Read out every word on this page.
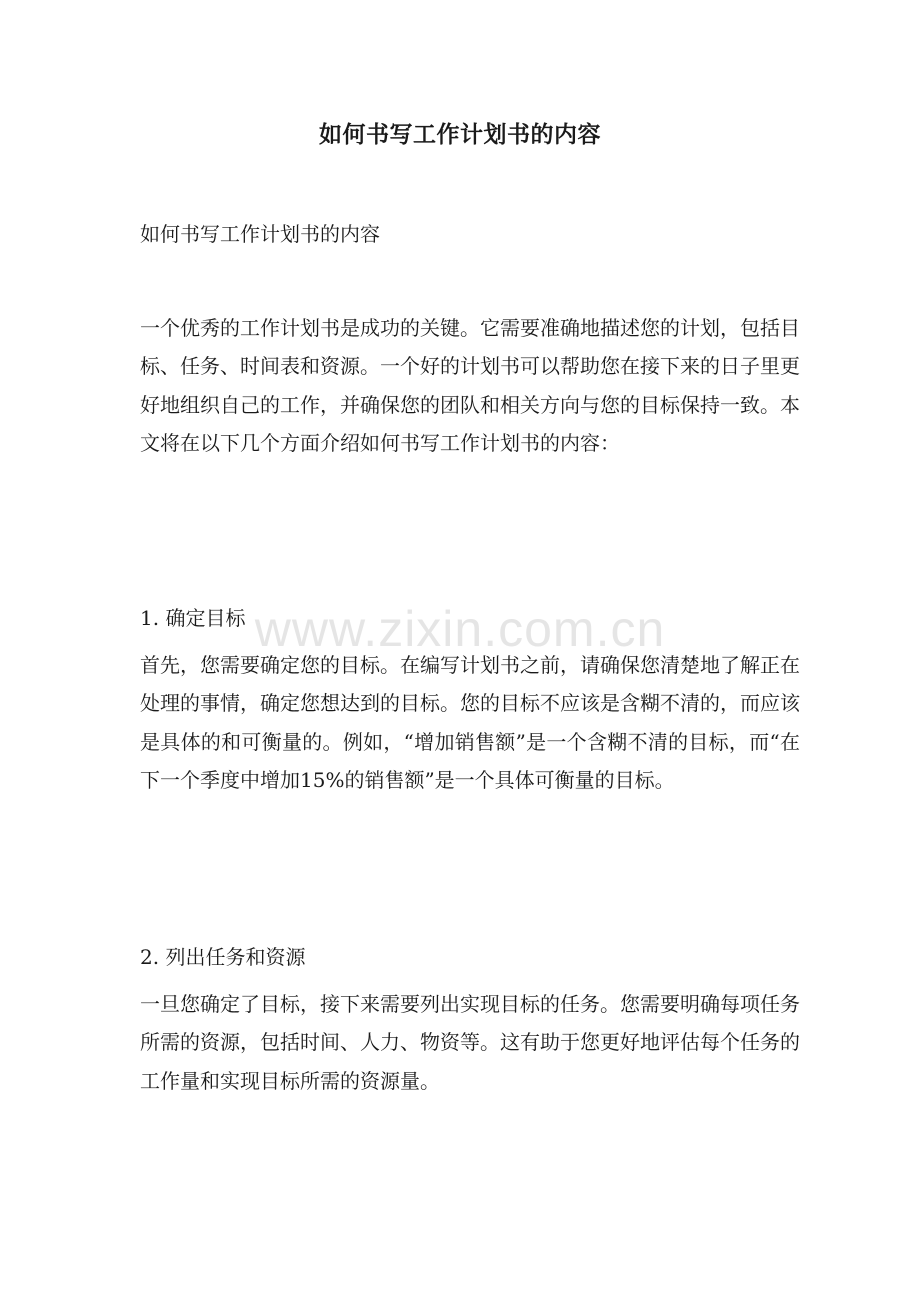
如何书写工作计划书的内容
如何书写工作计划书的内容
一个优秀的工作计划书是成功的关键。它需要准确地描述您的计划，包括目标、任务、时间表和资源。一个好的计划书可以帮助您在接下来的日子里更好地组织自己的工作，并确保您的团队和相关方向与您的目标保持一致。本文将在以下几个方面介绍如何书写工作计划书的内容：
1. 确定目标
首先，您需要确定您的目标。在编写计划书之前，请确保您清楚地了解正在处理的事情，确定您想达到的目标。您的目标不应该是含糊不清的，而应该是具体的和可衡量的。例如，“增加销售额”是一个含糊不清的目标，而“在下一个季度中增加15%的销售额”是一个具体可衡量的目标。
2. 列出任务和资源
一旦您确定了目标，接下来需要列出实现目标的任务。您需要明确每项任务所需的资源，包括时间、人力、物资等。这有助于您更好地评估每个任务的工作量和实现目标所需的资源量。
www.zixin.com.cn
